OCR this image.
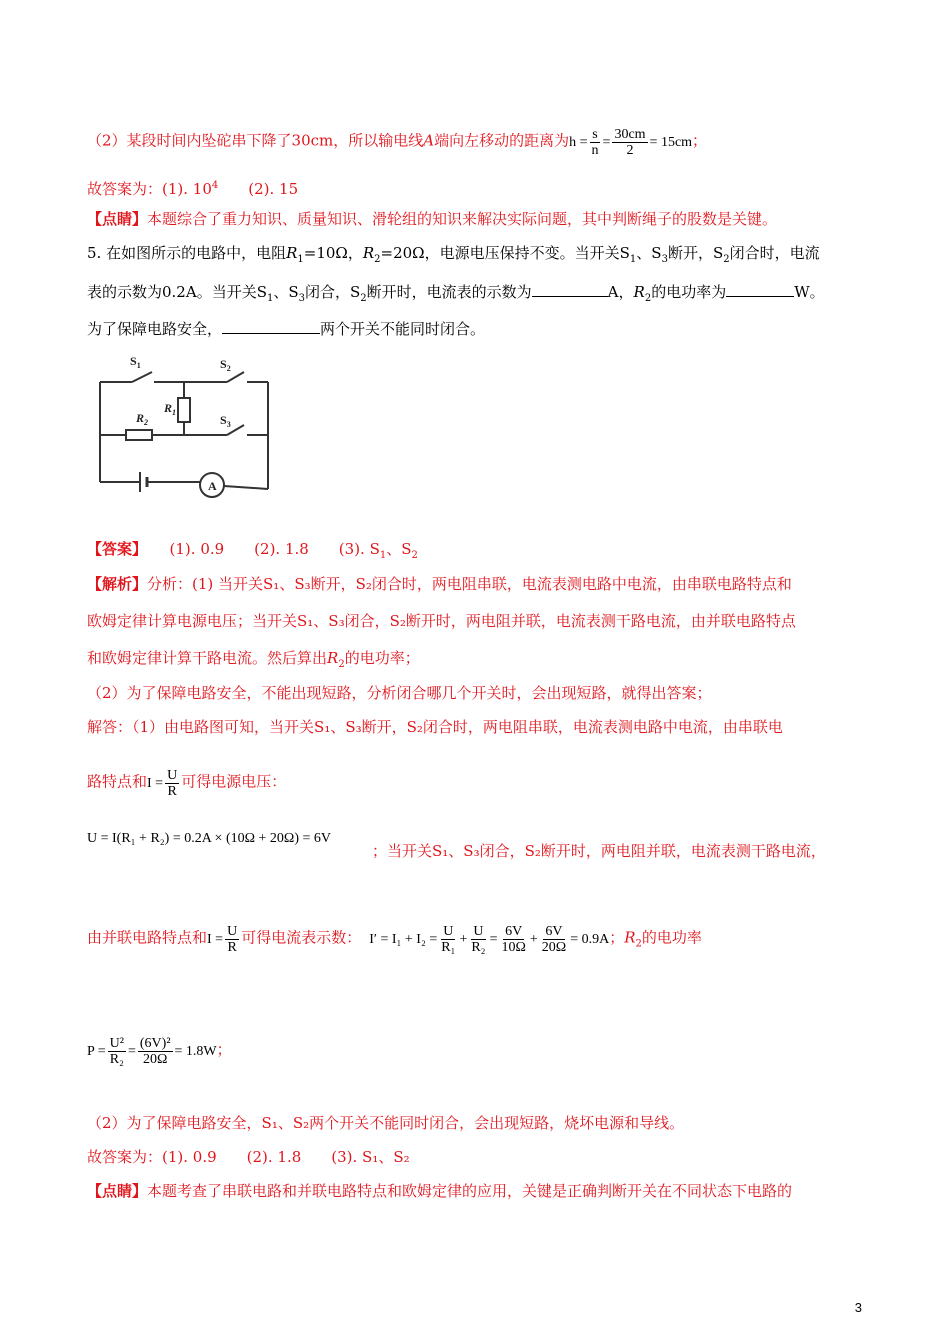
（2）某段时间内坠砣串下降了30cm，所以输电线A端向左移动的距离为$h = \frac{s}{n} = \frac{30cm}{2} = 15cm$；
故答案为：(1). $10^4$　　 (2). 15
【点睛】本题综合了重力知识、质量知识、滑轮组的知识来解决实际问题，其中判断绳子的股数是关键。
5. 在如图所示的电路中，电阻$R_1=10\Omega$，$R_2=20\Omega$，电源电压保持不变。当开关$S_1$、$S_3$断开，$S_2$闭合时，电流
表的示数为0.2A。当开关$S_1$、$S_3$闭合，$S_2$断开时，电流表的示数为	A，$R_2$的电功率为	W。
为了保障电路安全，	两个开关不能同时闭合。
$S_1$	$S_2$
$S_3$
$R_1$
$R_2$
A
【答案】　　 (1). 0.9　　(2). 1.8　　(3). $S_1$、$S_2$
【解析】分析：(1) 当开关S₁、S₃断开，S₂闭合时，两电阻串联，电流表测电路中电流，由串联电路特点和
欧姆定律计算电源电压；当开关S₁、S₃闭合，S₂断开时，两电阻并联，电流表测干路电流，由并联电路特点
和欧姆定律计算干路电流。然后算出$R_2$的电功率；
（2）为了保障电路安全，不能出现短路，分析闭合哪几个开关时，会出现短路，就得出答案；
解答：（1）由电路图可知，当开关S₁、S₃断开，S₂闭合时，两电阻串联，电流表测电路中电流，由串联电
路特点和$I = \frac{U}{R}$ 可得电源电压：
U = I(R₁ + R₂) = 0.2A × (10Ω + 20Ω) = 6V
；当开关S₁、S₃闭合，S₂断开时，两电阻并联，电流表测干路电流，
由并联电路特点和$I = \frac{U}{R}$ 可得电流表示数： $I' = I_1 + I_2 = \frac{U}{\text{R₁}} + \frac{U}{\text{R₂}} = \frac{6V}{10\Omega} + \frac{6V}{20\Omega} = 0.9A$；$R_2$的电功率
$P = \frac{\text{U²}}{\text{R₂}} = \frac{\text{(6V)²}}{20\Omega} = 1.8W$；
（2）为了保障电路安全，S₁、S₂两个开关不能同时闭合，会出现短路，烧坏电源和导线。
故答案为：(1). 0.9　　(2). 1.8　　(3). S₁、S₂
【点睛】本题考查了串联电路和并联电路特点和欧姆定律的应用，关键是正确判断开关在不同状态下电路的
3
